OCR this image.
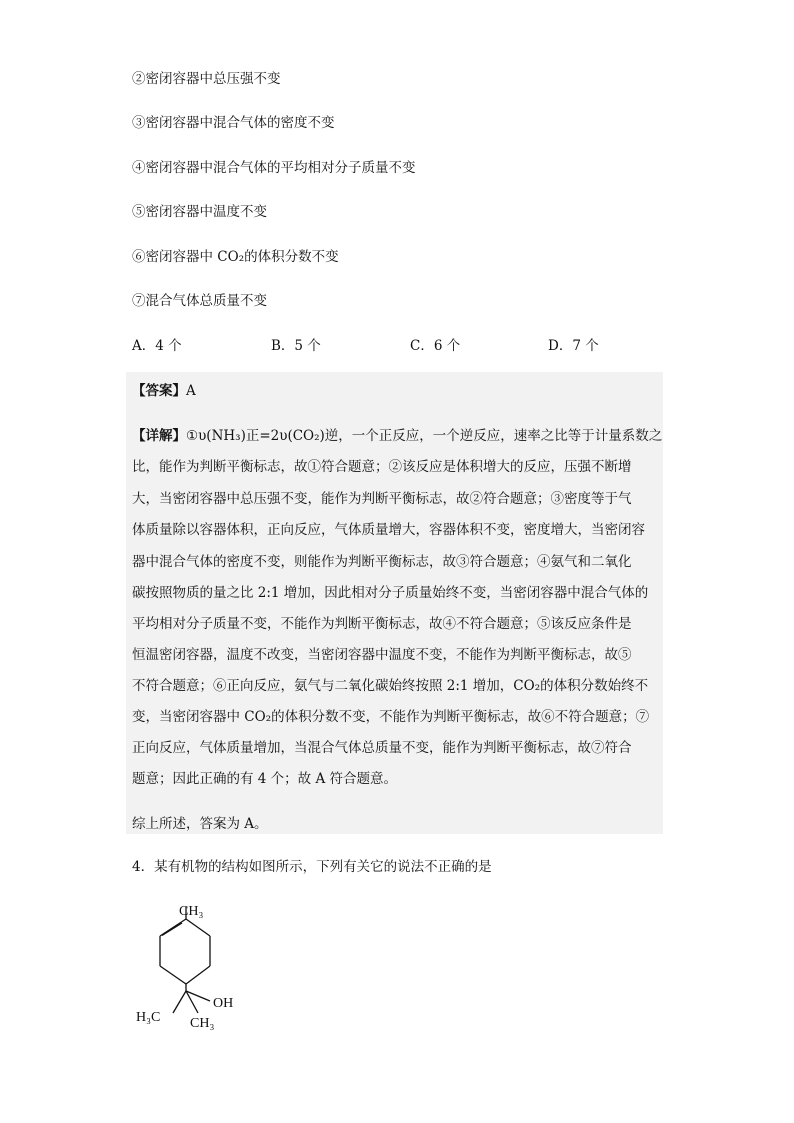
②密闭容器中总压强不变
③密闭容器中混合气体的密度不变
④密闭容器中混合气体的平均相对分子质量不变
⑤密闭容器中温度不变
⑥密闭容器中 CO₂的体积分数不变
⑦混合气体总质量不变
A．4 个	B．5 个	C．6 个	D．7 个
【答案】A
【详解】①υ(NH₃)正=2υ(CO₂)逆，一个正反应，一个逆反应，速率之比等于计量系数之
比，能作为判断平衡标志，故①符合题意；②该反应是体积增大的反应，压强不断增
大，当密闭容器中总压强不变，能作为判断平衡标志，故②符合题意；③密度等于气
体质量除以容器体积，正向反应，气体质量增大，容器体积不变，密度增大，当密闭容
器中混合气体的密度不变，则能作为判断平衡标志，故③符合题意；④氨气和二氧化
碳按照物质的量之比 2:1 增加，因此相对分子质量始终不变，当密闭容器中混合气体的
平均相对分子质量不变，不能作为判断平衡标志，故④不符合题意；⑤该反应条件是
恒温密闭容器，温度不改变，当密闭容器中温度不变，不能作为判断平衡标志，故⑤
不符合题意；⑥正向反应，氨气与二氧化碳始终按照 2:1 增加，CO₂的体积分数始终不
变，当密闭容器中 CO₂的体积分数不变，不能作为判断平衡标志，故⑥不符合题意；⑦
正向反应，气体质量增加，当混合气体总质量不变，能作为判断平衡标志，故⑦符合
题意；因此正确的有 4 个；故 A 符合题意。
综上所述，答案为 A。
4．某有机物的结构如图所示，下列有关它的说法不正确的是
CH₃
OH
H₃C CH₃
